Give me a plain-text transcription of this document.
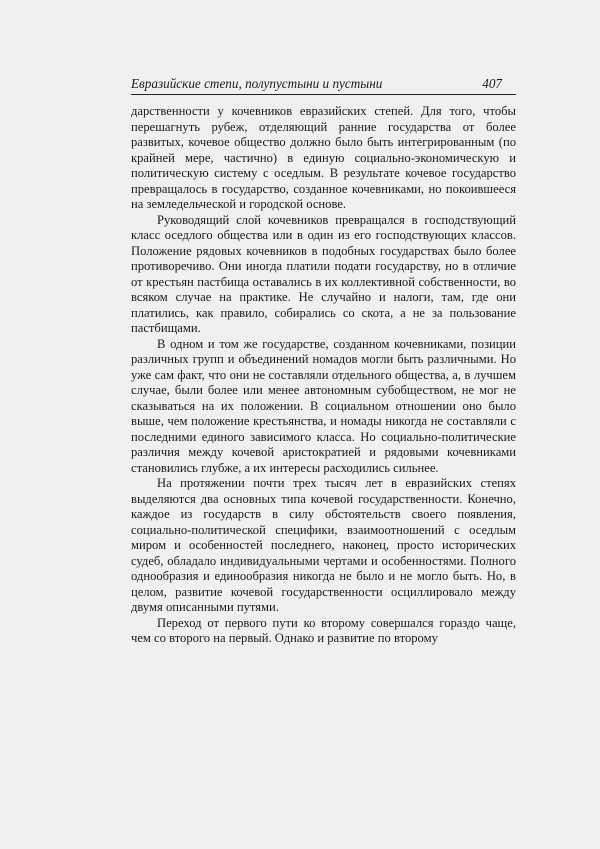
Евразийские степи, полупустыни и пустыни	407

дарственности у кочевников евразийских степей. Для того, чтобы перешагнуть рубеж, отделяющий ранние государства от более развитых, кочевое общество должно было быть интегрированным (по крайней мере, частично) в единую социально-экономическую и политическую систему с оседлым. В результате кочевое государство превращалось в государство, созданное кочевниками, но покоившееся на земледельческой и городской основе.

Руководящий слой кочевников превращался в господствующий класс оседлого общества или в один из его господствующих классов. Положение рядовых кочевников в подобных государствах было более противоречиво. Они иногда платили подати государству, но в отличие от крестьян пастбища оставались в их коллективной собственности, во всяком случае на практике. Не случайно и налоги, там, где они платились, как правило, собирались со скота, а не за пользование пастбищами.

В одном и том же государстве, созданном кочевниками, позиции различных групп и объединений номадов могли быть различными. Но уже сам факт, что они не составляли отдельного общества, а, в лучшем случае, были более или менее автономным субобществом, не мог не сказываться на их положении. В социальном отношении оно было выше, чем положение крестьянства, и номады никогда не составляли с последними единого зависимого класса. Но социально-политические различия между кочевой аристократией и рядовыми кочевниками становились глубже, а их интересы расходились сильнее.

На протяжении почти трех тысяч лет в евразийских степях выделяются два основных типа кочевой государственности. Конечно, каждое из государств в силу обстоятельств своего появления, социально-политической специфики, взаимоотношений с оседлым миром и особенностей последнего, наконец, просто исторических судеб, обладало индивидуальными чертами и особенностями. Полного однообразия и единообразия никогда не было и не могло быть. Но, в целом, развитие кочевой государственности осциллировало между двумя описанными путями.

Переход от первого пути ко второму совершался гораздо чаще, чем со второго на первый. Однако и развитие по второму
